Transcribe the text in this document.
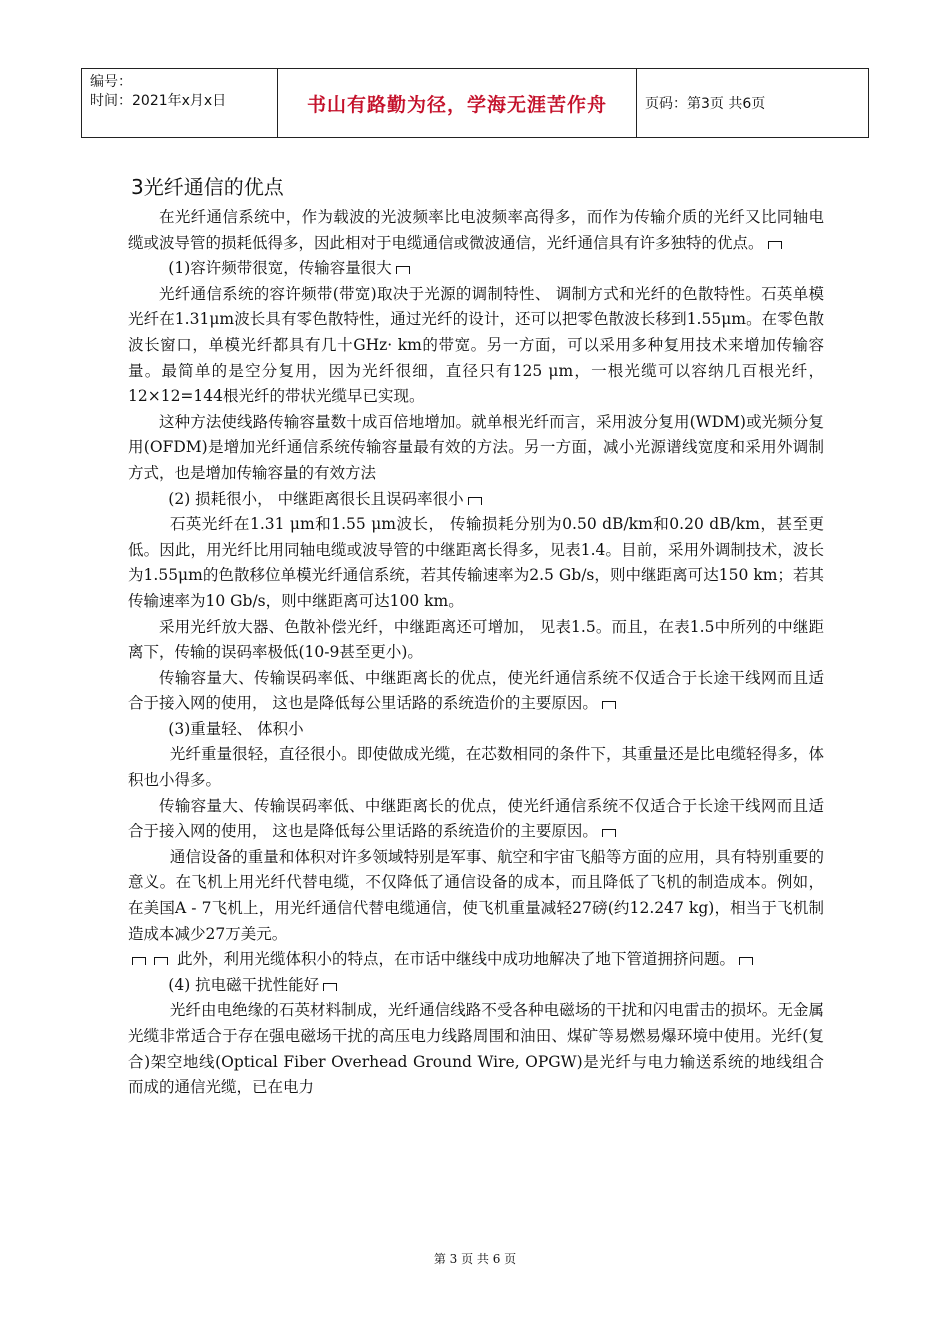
编号：
时间：2021年x月x日	书山有路勤为径，学海无涯苦作舟	页码：第3页 共6页
3光纤通信的优点

在光纤通信系统中，作为载波的光波频率比电波频率高得多，而作为传输介质的光纤又比同轴电缆或波导管的损耗低得多，因此相对于电缆通信或微波通信，光纤通信具有许多独特的优点。

(1)容许频带很宽，传输容量很大

光纤通信系统的容许频带(带宽)取决于光源的调制特性、 调制方式和光纤的色散特性。石英单模光纤在1.31μm波长具有零色散特性，通过光纤的设计，还可以把零色散波长移到1.55μm。在零色散波长窗口，单模光纤都具有几十GHz· km的带宽。另一方面，可以采用多种复用技术来增加传输容量。最简单的是空分复用，因为光纤很细，直径只有125 μm，一根光缆可以容纳几百根光纤，12×12=144根光纤的带状光缆早已实现。

这种方法使线路传输容量数十成百倍地增加。就单根光纤而言，采用波分复用(WDM)或光频分复用(OFDM)是增加光纤通信系统传输容量最有效的方法。另一方面，减小光源谱线宽度和采用外调制方式，也是增加传输容量的有效方法

(2) 损耗很小， 中继距离很长且误码率很小

石英光纤在1.31 μm和1.55 μm波长， 传输损耗分别为0.50 dB/km和0.20 dB/km，甚至更低。因此，用光纤比用同轴电缆或波导管的中继距离长得多，见表1.4。目前，采用外调制技术，波长为1.55μm的色散移位单模光纤通信系统，若其传输速率为2.5 Gb/s，则中继距离可达150 km；若其传输速率为10 Gb/s，则中继距离可达100 km。

采用光纤放大器、色散补偿光纤，中继距离还可增加， 见表1.5。而且，在表1.5中所列的中继距离下，传输的误码率极低(10-9甚至更小)。

传输容量大、传输误码率低、中继距离长的优点，使光纤通信系统不仅适合于长途干线网而且适合于接入网的使用， 这也是降低每公里话路的系统造价的主要原因。

(3)重量轻、 体积小

光纤重量很轻，直径很小。即使做成光缆，在芯数相同的条件下，其重量还是比电缆轻得多，体积也小得多。

传输容量大、传输误码率低、中继距离长的优点，使光纤通信系统不仅适合于长途干线网而且适合于接入网的使用， 这也是降低每公里话路的系统造价的主要原因。

通信设备的重量和体积对许多领域特别是军事、航空和宇宙飞船等方面的应用，具有特别重要的意义。在飞机上用光纤代替电缆，不仅降低了通信设备的成本，而且降低了飞机的制造成本。例如，在美国A - 7飞机上，用光纤通信代替电缆通信，使飞机重量减轻27磅(约12.247 kg)，相当于飞机制造成本减少27万美元。

此外，利用光缆体积小的特点，在市话中继线中成功地解决了地下管道拥挤问题。

(4) 抗电磁干扰性能好

光纤由电绝缘的石英材料制成，光纤通信线路不受各种电磁场的干扰和闪电雷击的损坏。无金属光缆非常适合于存在强电磁场干扰的高压电力线路周围和油田、煤矿等易燃易爆环境中使用。光纤(复合)架空地线(Optical Fiber Overhead Ground Wire, OPGW)是光纤与电力输送系统的地线组合而成的通信光缆，已在电力

第 3 页 共 6 页
